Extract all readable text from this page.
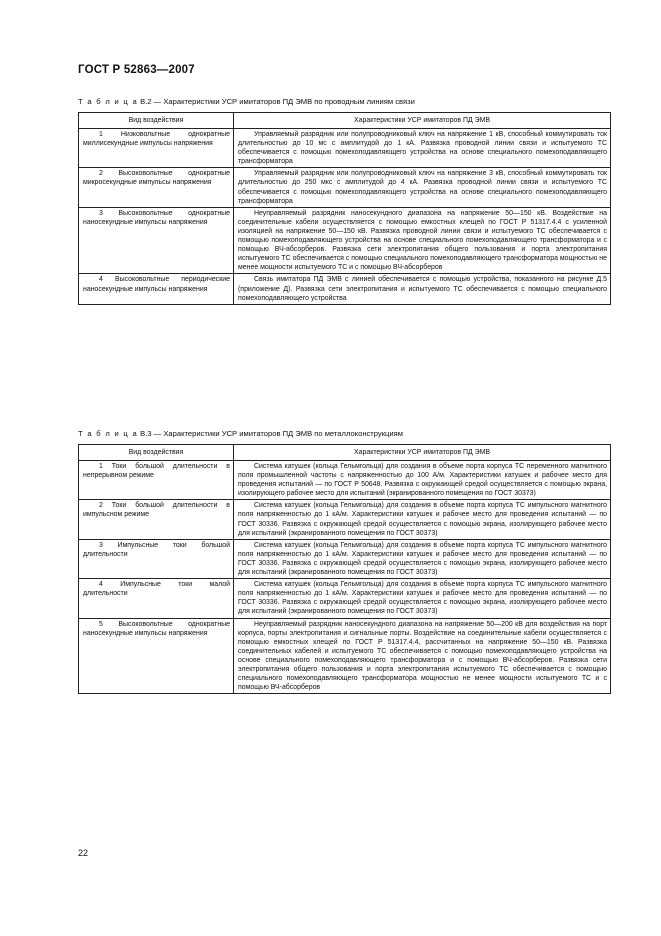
ГОСТ Р 52863—2007
Т а б л и ц а В.2 — Характеристики УСР имитаторов ПД ЭМВ по проводным линиям связи
Вид воздействия	Характеристики УСР имитаторов ПД ЭМВ
1 Низковольтные однократные миллисекундные импульсы напряжения	Управляемый разрядник или полупроводниковый ключ на напряжение 1 кВ, способный коммутировать ток длительностью до 10 мс с амплитудой до 1 кА. Развязка проводной линии связи и испытуемого ТС обеспечивается с помощью помехоподавляющего устройства на основе специального помехоподавляющего трансформатора
2 Высоковольтные однократные микросекундные импульсы напряжения	Управляемый разрядник или полупроводниковый ключ на напряжение 3 кВ, способный коммутировать ток длительностью до 250 мкс с амплитудой до 4 кА. Развязка проводной линии связи и испытуемого ТС обеспечивается с помощью помехоподавляющего устройства на основе специального помехоподавляющего трансформатора
3 Высоковольтные однократные наносекундные импульсы напряжения	Неуправляемый разрядник наносекундного диапазона на напряжение 50—150 кВ. Воздействие на соединительные кабели осуществляется с помощью емкостных клещей по ГОСТ Р 51317.4.4 с усиленной изоляцией на напряжение 50—150 кВ. Развязка проводной линии связи и испытуемого ТС обеспечивается с помощью помехоподавляющего устройства на основе специального помехоподавляющего трансформатора и с помощью ВЧ-абсорберов. Развязка сети электропитания общего пользования и порта электропитания испытуемого ТС обеспечивается с помощью специального помехоподавляющего трансформатора мощностью не менее мощности испытуемого ТС и с помощью ВЧ-абсорберов
4 Высоковольтные периодические наносекундные импульсы напряжения	Связь имитатора ПД ЭМВ с линией обеспечивается с помощью устройства, показанного на рисунке Д.5 (приложение Д). Развязка сети электропитания и испытуемого ТС обеспечивается с помощью специального помехоподавляющего устройства
Т а б л и ц а В.3 — Характеристики УСР имитаторов ПД ЭМВ по металлоконструкциям
Вид воздействия	Характеристики УСР имитаторов ПД ЭМВ
1 Токи большой длительности в непрерывном режиме	Система катушек (кольца Гельмгольца) для создания в объеме порта корпуса ТС переменного магнитного поля промышленной частоты с напряженностью до 100 А/м. Характеристики катушек и рабочее место для проведения испытаний — по ГОСТ Р 50648. Развязка с окружающей средой осуществляется с помощью экрана, изолирующего рабочее место для испытаний (экранированного помещения по ГОСТ 30373)
2 Токи большой длительности в импульсном режиме	Система катушек (кольца Гельмгольца) для создания в объеме порта корпуса ТС импульсного магнитного поля напряженностью до 1 кА/м. Характеристики катушек и рабочее место для проведения испытаний — по ГОСТ 30336. Развязка с окружающей средой осуществляется с помощью экрана, изолирующего рабочее место для испытаний (экранированного помещения по ГОСТ 30373)
3 Импульсные токи большой длительности	Система катушек (кольца Гельмгольца) для создания в объеме порта корпуса ТС импульсного магнитного поля напряженностью до 1 кА/м. Характеристики катушек и рабочее место для проведения испытаний — по ГОСТ 30336. Развязка с окружающей средой осуществляется с помощью экрана, изолирующего рабочее место для испытаний (экранированного помещения по ГОСТ 30373)
4 Импульсные токи малой длительности	Система катушек (кольца Гельмгольца) для создания в объеме порта корпуса ТС импульсного магнитного поля напряженностью до 1 кА/м. Характеристики катушек и рабочее место для проведения испытаний — по ГОСТ 30336. Развязка с окружающей средой осуществляется с помощью экрана, изолирующего рабочее место для испытаний (экранированного помещения по ГОСТ 30373)
5 Высоковольтные однократные наносекундные импульсы напряжения	Неуправляемый разрядник наносекундного диапазона на напряжение 50—200 кВ для воздействия на порт корпуса, порты электропитания и сигнальные порты. Воздействие на соединительные кабели осуществляется с помощью емкостных клещей по ГОСТ Р 51317.4.4, рассчитанных на напряжение 50—150 кВ. Развязка соединительных кабелей и испытуемого ТС обеспечивается с помощью помехоподавляющего устройства на основе специального помехоподавляющего трансформатора и с помощью ВЧ-абсорберов. Развязка сети электропитания общего пользования и порта электропитания испытуемого ТС обеспечивается с помощью специального помехоподавляющего трансформатора мощностью не менее мощности испытуемого ТС и с помощью ВЧ-абсорберов
22
